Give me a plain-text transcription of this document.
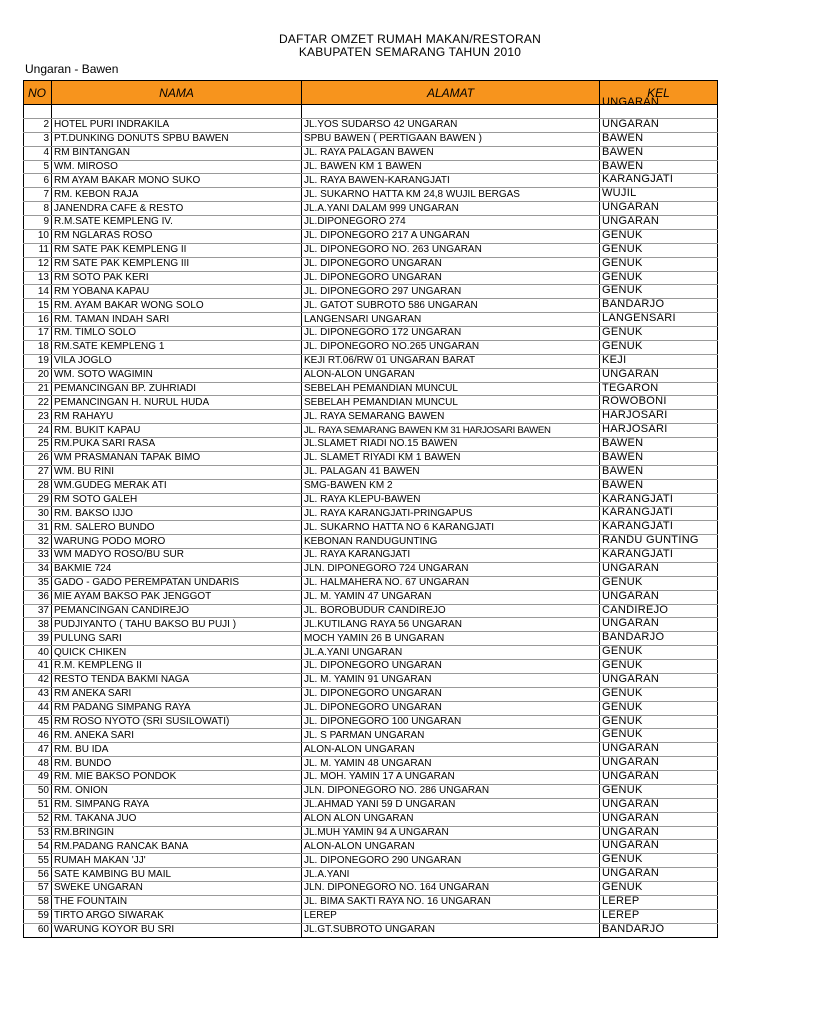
DAFTAR OMZET RUMAH MAKAN/RESTORAN
KABUPATEN SEMARANG TAHUN 2010
Ungaran - Bawen
NO	NAMA	ALAMAT	KEL
			UNGARAN
2	HOTEL PURI INDRAKILA	JL.YOS SUDARSO 42 UNGARAN	UNGARAN
3	PT.DUNKING DONUTS SPBU BAWEN	SPBU BAWEN ( PERTIGAAN BAWEN )	BAWEN
4	RM BINTANGAN	JL. RAYA PALAGAN BAWEN	BAWEN
5	WM. MIROSO	JL. BAWEN KM 1 BAWEN	BAWEN
6	RM AYAM BAKAR MONO SUKO	JL. RAYA BAWEN-KARANGJATI	KARANGJATI
7	RM. KEBON RAJA	JL. SUKARNO HATTA KM 24,8 WUJIL BERGAS	WUJIL
8	JANENDRA CAFE & RESTO	JL.A.YANI DALAM 999 UNGARAN	UNGARAN
9	R.M.SATE KEMPLENG IV.	JL.DIPONEGORO 274	UNGARAN
10	RM NGLARAS ROSO	JL. DIPONEGORO 217 A UNGARAN	GENUK
11	RM SATE PAK KEMPLENG II	JL. DIPONEGORO NO. 263 UNGARAN	GENUK
12	RM SATE PAK KEMPLENG III	JL. DIPONEGORO UNGARAN	GENUK
13	RM SOTO PAK KERI	JL. DIPONEGORO UNGARAN	GENUK
14	RM YOBANA KAPAU	JL. DIPONEGORO 297 UNGARAN	GENUK
15	RM. AYAM BAKAR WONG SOLO	JL. GATOT SUBROTO 586 UNGARAN	BANDARJO
16	RM. TAMAN INDAH SARI	LANGENSARI UNGARAN	LANGENSARI
17	RM. TIMLO SOLO	JL. DIPONEGORO 172 UNGARAN	GENUK
18	RM.SATE KEMPLENG 1	JL. DIPONEGORO NO.265 UNGARAN	GENUK
19	VILA JOGLO	KEJI RT.06/RW 01 UNGARAN BARAT	KEJI
20	WM. SOTO WAGIMIN	ALON-ALON UNGARAN	UNGARAN
21	PEMANCINGAN BP. ZUHRIADI	SEBELAH PEMANDIAN MUNCUL	TEGARON
22	PEMANCINGAN H. NURUL HUDA	SEBELAH PEMANDIAN MUNCUL	ROWOBONI
23	RM RAHAYU	JL. RAYA SEMARANG BAWEN	HARJOSARI
24	RM. BUKIT KAPAU	JL. RAYA SEMARANG BAWEN KM 31 HARJOSARI BAWEN	HARJOSARI
25	RM.PUKA SARI RASA	JL.SLAMET RIADI NO.15 BAWEN	BAWEN
26	WM PRASMANAN TAPAK BIMO	JL. SLAMET RIYADI KM 1 BAWEN	BAWEN
27	WM. BU RINI	JL. PALAGAN 41 BAWEN	BAWEN
28	WM.GUDEG MERAK ATI	SMG-BAWEN KM 2	BAWEN
29	RM SOTO GALEH	JL. RAYA KLEPU-BAWEN	KARANGJATI
30	RM. BAKSO IJJO	JL. RAYA KARANGJATI-PRINGAPUS	KARANGJATI
31	RM. SALERO BUNDO	JL. SUKARNO HATTA NO 6 KARANGJATI	KARANGJATI
32	WARUNG PODO MORO	KEBONAN RANDUGUNTING	RANDU GUNTING
33	WM MADYO ROSO/BU SUR	JL. RAYA KARANGJATI	KARANGJATI
34	BAKMIE 724	JLN. DIPONEGORO 724 UNGARAN	UNGARAN
35	GADO - GADO PEREMPATAN UNDARIS	JL. HALMAHERA NO. 67 UNGARAN	GENUK
36	MIE AYAM BAKSO PAK JENGGOT	JL. M. YAMIN 47 UNGARAN	UNGARAN
37	PEMANCINGAN CANDIREJO	JL. BOROBUDUR CANDIREJO	CANDIREJO
38	PUDJIYANTO ( TAHU BAKSO BU PUJI )	JL.KUTILANG RAYA 56 UNGARAN	UNGARAN
39	PULUNG SARI	MOCH YAMIN 26 B UNGARAN	BANDARJO
40	QUICK CHIKEN	JL.A.YANI UNGARAN	GENUK
41	R.M. KEMPLENG II	JL. DIPONEGORO UNGARAN	GENUK
42	RESTO TENDA BAKMI NAGA	JL. M. YAMIN 91 UNGARAN	UNGARAN
43	RM ANEKA SARI	JL. DIPONEGORO UNGARAN	GENUK
44	RM PADANG SIMPANG RAYA	JL. DIPONEGORO UNGARAN	GENUK
45	RM ROSO NYOTO (SRI SUSILOWATI)	JL. DIPONEGORO 100 UNGARAN	GENUK
46	RM. ANEKA SARI	JL. S PARMAN UNGARAN	GENUK
47	RM. BU IDA	ALON-ALON UNGARAN	UNGARAN
48	RM. BUNDO	JL. M. YAMIN 48 UNGARAN	UNGARAN
49	RM. MIE BAKSO PONDOK	JL. MOH. YAMIN 17 A UNGARAN	UNGARAN
50	RM. ONION	JLN. DIPONEGORO NO. 286 UNGARAN	GENUK
51	RM. SIMPANG RAYA	JL.AHMAD YANI 59 D UNGARAN	UNGARAN
52	RM. TAKANA JUO	ALON ALON UNGARAN	UNGARAN
53	RM.BRINGIN	JL.MUH YAMIN 94 A UNGARAN	UNGARAN
54	RM.PADANG RANCAK BANA	ALON-ALON UNGARAN	UNGARAN
55	RUMAH MAKAN 'JJ'	JL. DIPONEGORO 290 UNGARAN	GENUK
56	SATE KAMBING BU MAIL	JL.A.YANI	UNGARAN
57	SWEKE UNGARAN	JLN. DIPONEGORO NO. 164 UNGARAN	GENUK
58	THE FOUNTAIN	JL. BIMA SAKTI RAYA NO. 16 UNGARAN	LEREP
59	TIRTO ARGO SIWARAK	LEREP	LEREP
60	WARUNG KOYOR BU SRI	JL.GT.SUBROTO UNGARAN	BANDARJO
